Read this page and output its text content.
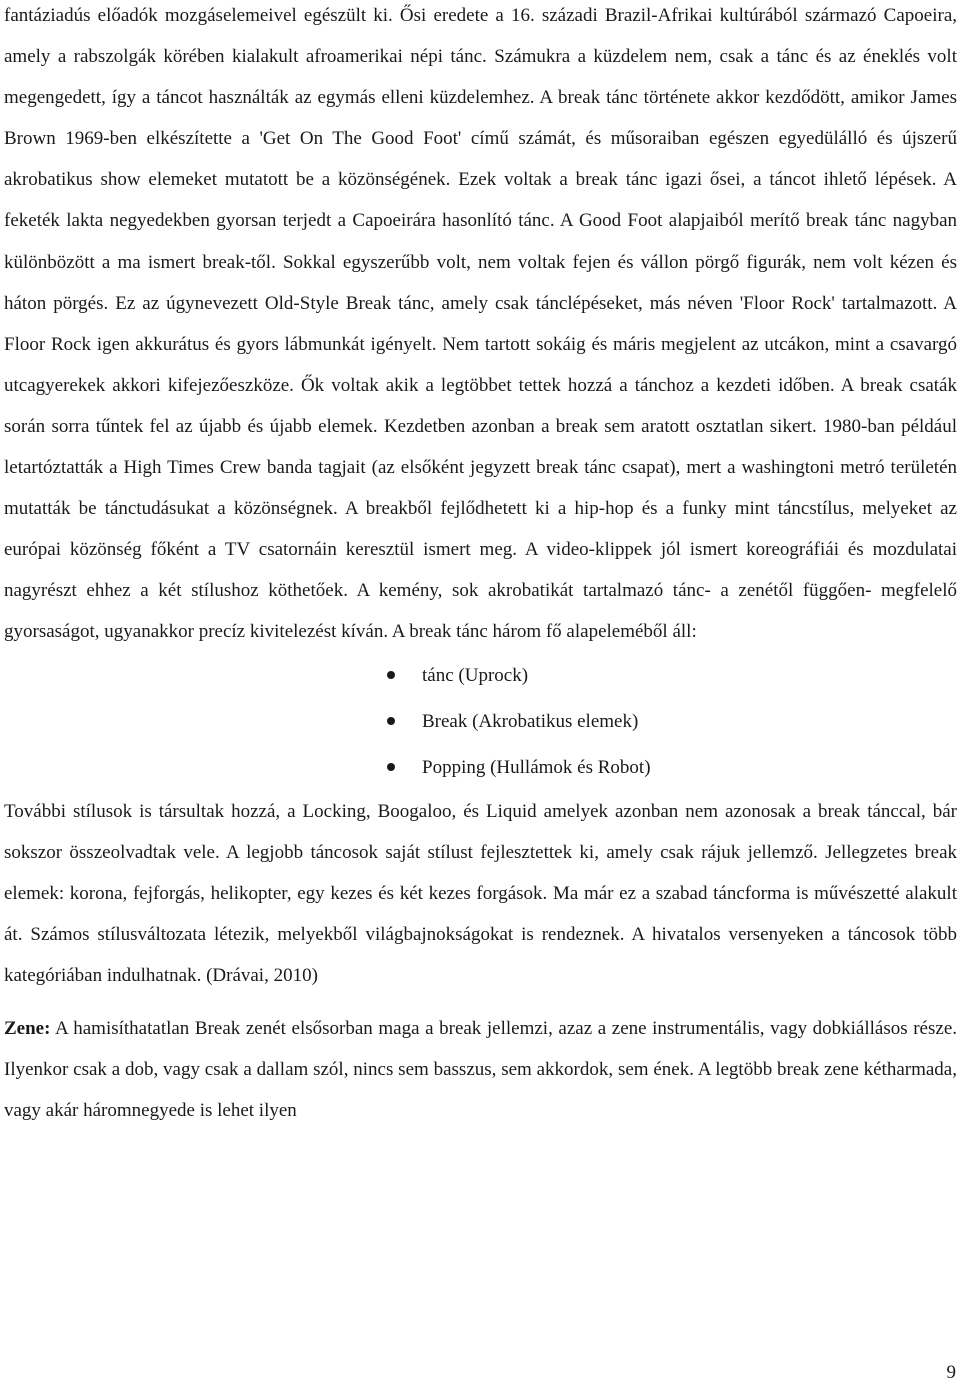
fantáziadús előadók mozgáselemeivel egészült ki. Ősi eredete a 16. századi Brazil-Afrikai kultúrából származó Capoeira, amely a rabszolgák körében kialakult afroamerikai népi tánc. Számukra a küzdelem nem, csak a tánc és az éneklés volt megengedett, így a táncot használták az egymás elleni küzdelemhez. A break tánc története akkor kezdődött, amikor James Brown 1969-ben elkészítette a 'Get On The Good Foot' című számát, és műsoraiban egészen egyedülálló és újszerű akrobatikus show elemeket mutatott be a közönségének. Ezek voltak a break tánc igazi ősei, a táncot ihlető lépések. A feketék lakta negyedekben gyorsan terjedt a Capoeirára hasonlító tánc. A Good Foot alapjaiból merítő break tánc nagyban különbözött a ma ismert break-től. Sokkal egyszerűbb volt, nem voltak fejen és vállon pörgő figurák, nem volt kézen és háton pörgés. Ez az úgynevezett Old-Style Break tánc, amely csak tánclépéseket, más néven 'Floor Rock' tartalmazott. A Floor Rock igen akkurátus és gyors lábmunkát igényelt. Nem tartott sokáig és máris megjelent az utcákon, mint a csavargó utcagyerekek akkori kifejezőeszköze. Ők voltak akik a legtöbbet tettek hozzá a tánchoz a kezdeti időben. A break csaták során sorra tűntek fel az újabb és újabb elemek. Kezdetben azonban a break sem aratott osztatlan sikert. 1980-ban például letartóztatták a High Times Crew banda tagjait (az elsőként jegyzett break tánc csapat), mert a washingtoni metró területén mutatták be tánctudásukat a közönségnek. A breakből fejlődhetett ki a hip-hop és a funky mint táncstílus, melyeket az európai közönség főként a TV csatornáin keresztül ismert meg. A video-klippek jól ismert koreográfiái és mozdulatai nagyrészt ehhez a két stílushoz köthetőek. A kemény, sok akrobatikát tartalmazó tánc- a zenétől függően- megfelelő gyorsaságot, ugyanakkor precíz kivitelezést kíván. A break tánc három fő alapeleméből áll:

tánc (Uprock)
Break (Akrobatikus elemek)
Popping (Hullámok és Robot)

További stílusok is társultak hozzá, a Locking, Boogaloo, és Liquid amelyek azonban nem azonosak a break tánccal, bár sokszor összeolvadtak vele. A legjobb táncosok saját stílust fejlesztettek ki, amely csak rájuk jellemző. Jellegzetes break elemek: korona, fejforgás, helikopter, egy kezes és két kezes forgások. Ma már ez a szabad táncforma is művészetté alakult át. Számos stílusváltozata létezik, melyekből világbajnokságokat is rendeznek. A hivatalos versenyeken a táncosok több kategóriában indulhatnak. (Drávai, 2010)

Zene: A hamisíthatatlan Break zenét elsősorban maga a break jellemzi, azaz a zene instrumentális, vagy dobkiállásos része. Ilyenkor csak a dob, vagy csak a dallam szól, nincs sem basszus, sem akkordok, sem ének. A legtöbb break zene kétharmada, vagy akár háromnegyede is lehet ilyen

9
